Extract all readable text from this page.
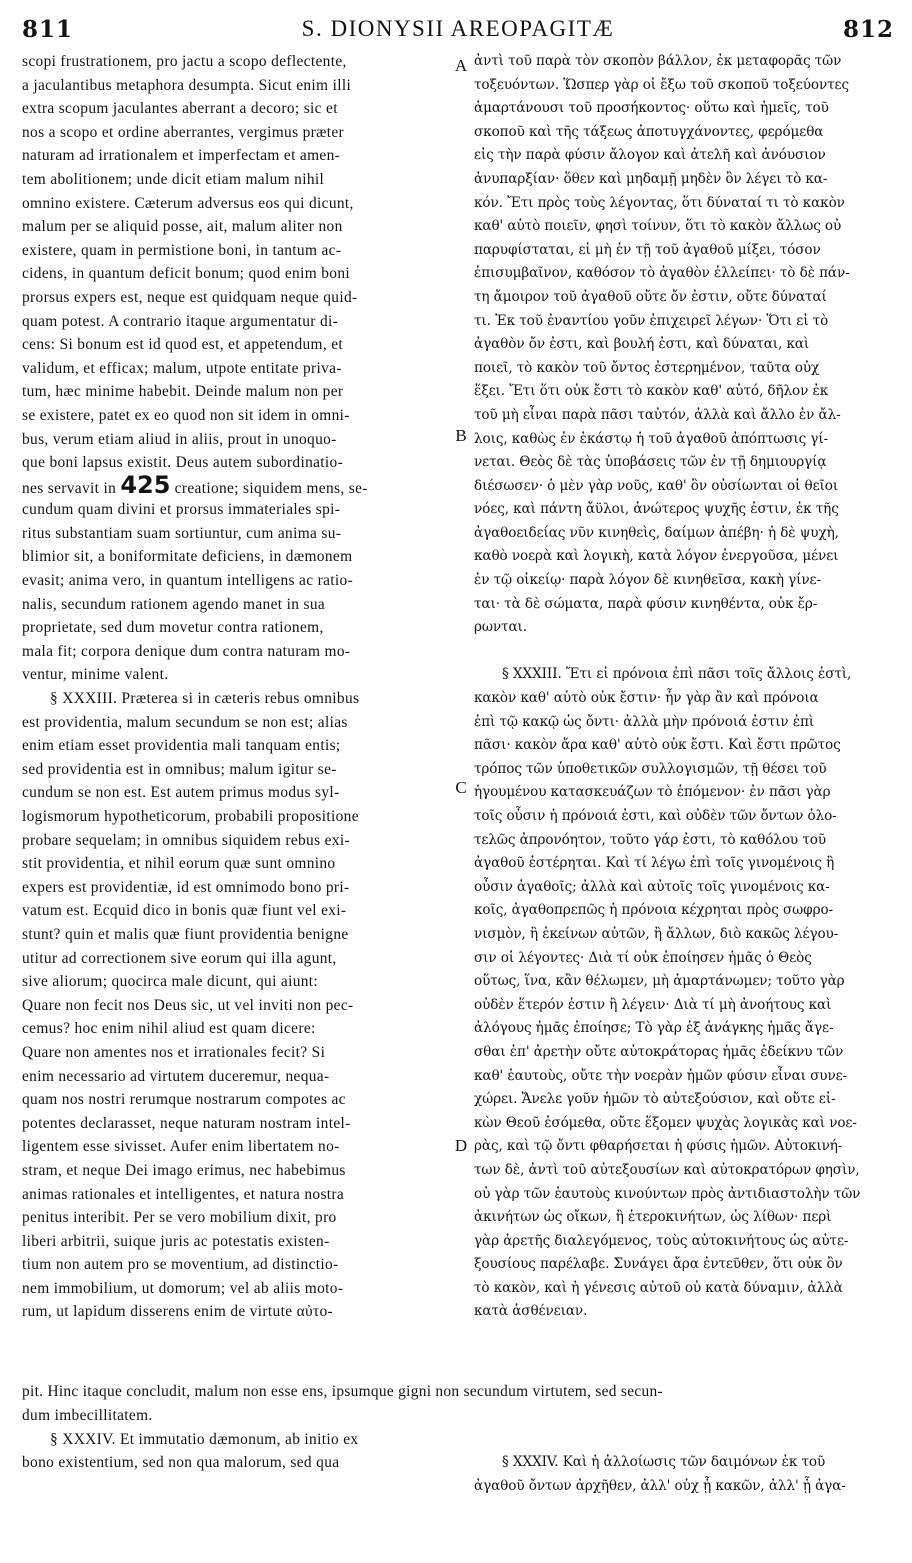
811	S. DIONYSII AREOPAGITÆ	812
A
B
C
D
scopi frustrationem, pro jactu a scopo deflectente,
a jaculantibus metaphora desumpta. Sicut enim illi
extra scopum jaculantes aberrant a decoro; sic et
nos a scopo et ordine aberrantes, vergimus præter
naturam ad irrationalem et imperfectam et amen-
tem abolitionem; unde dicit etiam malum nihil
omnino existere. Cæterum adversus eos qui dicunt,
malum per se aliquid posse, ait, malum aliter non
existere, quam in permistione boni, in tantum ac-
cidens, in quantum deficit bonum; quod enim boni
prorsus expers est, neque est quidquam neque quid-
quam potest. A contrario itaque argumentatur di-
cens: Si bonum est id quod est, et appetendum, et
validum, et efficax; malum, utpote entitate priva-
tum, hæc minime habebit. Deinde malum non per
se existere, patet ex eo quod non sit idem in omni-
bus, verum etiam aliud in aliis, prout in unoquo-
que boni lapsus existit. Deus autem subordinatio-
nes servavit in 425 creatione; siquidem mens, se-
cundum quam divini et prorsus immateriales spi-
ritus substantiam suam sortiuntur, cum anima su-
blimior sit, a boniformitate deficiens, in dæmonem
evasit; anima vero, in quantum intelligens ac ratio-
nalis, secundum rationem agendo manet in sua
proprietate, sed dum movetur contra rationem,
mala fit; corpora denique dum contra naturam mo-
ventur, minime valent.
§ XXXIII. Præterea si in cæteris rebus omnibus
est providentia, malum secundum se non est; alias
enim etiam esset providentia mali tanquam entis;
sed providentia est in omnibus; malum igitur se-
cundum se non est. Est autem primus modus syl-
logismorum hypotheticorum, probabili propositione
probare sequelam; in omnibus siquidem rebus exi-
stit providentia, et nihil eorum quæ sunt omnino
expers est providentiæ, id est omnimodo bono pri-
vatum est. Ecquid dico in bonis quæ fiunt vel exi-
stunt? quin et malis quæ fiunt providentia benigne
utitur ad correctionem sive eorum qui illa agunt,
sive aliorum; quocirca male dicunt, qui aiunt:
Quare non fecit nos Deus sic, ut vel inviti non pec-
cemus? hoc enim nihil aliud est quam dicere:
Quare non amentes nos et irrationales fecit? Si
enim necessario ad virtutem duceremur, nequa-
quam nos nostri rerumque nostrarum compotes ac
potentes declarasset, neque naturam nostram intel-
ligentem esse sivisset. Aufer enim libertatem no-
stram, et neque Dei imago erimus, nec habebimus
animas rationales et intelligentes, et natura nostra
penitus interibit. Per se vero mobilium dixit, pro
liberi arbitrii, suique juris ac potestatis existen-
tium non autem pro se moventium, ad distinctio-
nem immobilium, ut domorum; vel ab aliis moto-
rum, ut lapidum disserens enim de virtute αὐτο-
ἀντὶ τοῦ παρὰ τὸν σκοπὸν βάλλον, ἐκ μεταφορᾶς τῶν
τοξευόντων. Ὥσπερ γὰρ οἱ ἔξω τοῦ σκοποῦ τοξεύοντες
ἁμαρτάνουσι τοῦ προσήκοντος· οὕτω καὶ ἡμεῖς, τοῦ
σκοποῦ καὶ τῆς τάξεως ἀποτυγχάνοντες, φερόμεθα
εἰς τὴν παρὰ φύσιν ἄλογον καὶ ἀτελῆ καὶ ἀνόυσιον
ἀνυπαρξίαν· ὅθεν καὶ μηδαμῇ μηδὲν ὂν λέγει τὸ κα-
κόν. Ἔτι πρὸς τοὺς λέγοντας, ὅτι δύναταί τι τὸ κακὸν
καθ' αὑτὸ ποιεῖν, φησὶ τοίνυν, ὅτι τὸ κακὸν ἄλλως οὐ
παρυφίσταται, εἰ μὴ ἐν τῇ τοῦ ἀγαθοῦ μίξει, τόσον
ἐπισυμβαῖνον, καθόσον τὸ ἀγαθὸν ἐλλείπει· τὸ δὲ πάν-
τη ἄμοιρον τοῦ ἀγαθοῦ οὔτε ὄν ἐστιν, οὔτε δύναταί
τι. Ἐκ τοῦ ἐναντίου γοῦν ἐπιχειρεῖ λέγων· Ὅτι εἰ τὸ
ἀγαθὸν ὄν ἐστι, καὶ βουλή ἐστι, καὶ δύναται, καὶ
ποιεῖ, τὸ κακὸν τοῦ ὄντος ἐστερημένον, ταῦτα οὐχ
ἕξει. Ἔτι ὅτι οὐκ ἔστι τὸ κακὸν καθ' αὑτό, δῆλον ἐκ
τοῦ μὴ εἶναι παρὰ πᾶσι ταὐτόν, ἀλλὰ καὶ ἄλλο ἐν ἄλ-
λοις, καθὼς ἐν ἑκάστῳ ἡ τοῦ ἀγαθοῦ ἀπόπτωσις γί-
νεται. Θεὸς δὲ τὰς ὑποβάσεις τῶν ἐν τῇ δημιουργίᾳ
διέσωσεν· ὁ μὲν γὰρ νοῦς, καθ' ὃν οὐσίωνται οἱ θεῖοι
νόες, καὶ πάντη ἄϋλοι, ἀνώτερος ψυχῆς ἐστιν, ἐκ τῆς
ἀγαθοειδείας νῦν κινηθεὶς, δαίμων ἀπέβη· ἡ δὲ ψυχὴ,
καθὸ νοερὰ καὶ λογικὴ, κατὰ λόγον ἐνεργοῦσα, μένει
ἐν τῷ οἰκείῳ· παρὰ λόγον δὲ κινηθεῖσα, κακὴ γίνε-
ται· τὰ δὲ σώματα, παρὰ φύσιν κινηθέντα, οὐκ ἔρ-
ρωνται.
§ XXXIII. Ἔτι εἰ πρόνοια ἐπὶ πᾶσι τοῖς ἄλλοις ἐστὶ,
κακὸν καθ' αὑτὸ οὐκ ἔστιν· ἦν γὰρ ἂν καὶ πρόνοια
ἐπὶ τῷ κακῷ ὡς ὄντι· ἀλλὰ μὴν πρόνοιά ἐστιν ἐπὶ
πᾶσι· κακὸν ἄρα καθ' αὑτὸ οὐκ ἔστι. Καὶ ἔστι πρῶτος
τρόπος τῶν ὑποθετικῶν συλλογισμῶν, τῇ θέσει τοῦ
ἡγουμένου κατασκευάζων τὸ ἑπόμενον· ἐν πᾶσι γὰρ
τοῖς οὖσιν ἡ πρόνοιά ἐστι, καὶ οὐδὲν τῶν ὄντων ὁλο-
τελῶς ἀπρονόητον, τοῦτο γάρ ἐστι, τὸ καθόλου τοῦ
ἀγαθοῦ ἐστέρηται. Καὶ τί λέγω ἐπὶ τοῖς γινομένοις ἢ
οὖσιν ἀγαθοῖς; ἀλλὰ καὶ αὐτοῖς τοῖς γινομένοις κα-
κοῖς, ἀγαθοπρεπῶς ἡ πρόνοια κέχρηται πρὸς σωφρο-
νισμὸν, ἢ ἐκείνων αὐτῶν, ἢ ἄλλων, διὸ κακῶς λέγου-
σιν οἱ λέγοντες· Διὰ τί οὐκ ἐποίησεν ἡμᾶς ὁ Θεὸς
οὕτως, ἵνα, κἂν θέλωμεν, μὴ ἁμαρτάνωμεν; τοῦτο γὰρ
οὐδὲν ἕτερόν ἐστιν ἢ λέγειν· Διὰ τί μὴ ἀνοήτους καὶ
ἀλόγους ἡμᾶς ἐποίησε; Τὸ γὰρ ἐξ ἀνάγκης ἡμᾶς ἄγε-
σθαι ἐπ' ἀρετὴν οὔτε αὐτοκράτορας ἡμᾶς ἐδείκνυ τῶν
καθ' ἑαυτοὺς, οὔτε τὴν νοερὰν ἡμῶν φύσιν εἶναι συνε-
χώρει. Ἄνελε γοῦν ἡμῶν τὸ αὐτεξούσιον, καὶ οὔτε εἰ-
κὼν Θεοῦ ἐσόμεθα, οὔτε ἕξομεν ψυχὰς λογικὰς καὶ νοε-
ρὰς, καὶ τῷ ὄντι φθαρήσεται ἡ φύσις ἡμῶν. Αὐτοκινή-
των δὲ, ἀντὶ τοῦ αὐτεξουσίων καὶ αὐτοκρατόρων φησὶν,
οὐ γὰρ τῶν ἑαυτοὺς κινούντων πρὸς ἀντιδιαστολὴν τῶν
ἀκινήτων ὡς οἴκων, ἢ ἑτεροκινήτων, ὡς λίθων· περὶ
γὰρ ἀρετῆς διαλεγόμενος, τοὺς αὐτοκινήτους ὡς αὐτε-
ξουσίους παρέλαβε. Συνάγει ἄρα ἐντεῦθεν, ὅτι οὐκ ὂν
τὸ κακὸν, καὶ ἡ γένεσις αὐτοῦ οὐ κατὰ δύναμιν, ἀλλὰ
κατὰ ἀσθένειαν.
pit. Hinc itaque concludit, malum non esse ens, ipsumque gigni non secundum virtutem, sed secun-
dum imbecillitatem.
§ XXXIV. Et immutatio dæmonum, ab initio ex
bono existentium, sed non qua malorum, sed qua	§ XXXIV. Καὶ ἡ ἀλλοίωσις τῶν δαιμόνων ἐκ τοῦ
ἀγαθοῦ ὄντων ἀρχῆθεν, ἀλλ' οὐχ ᾗ κακῶν, ἀλλ' ᾗ ἀγα-
